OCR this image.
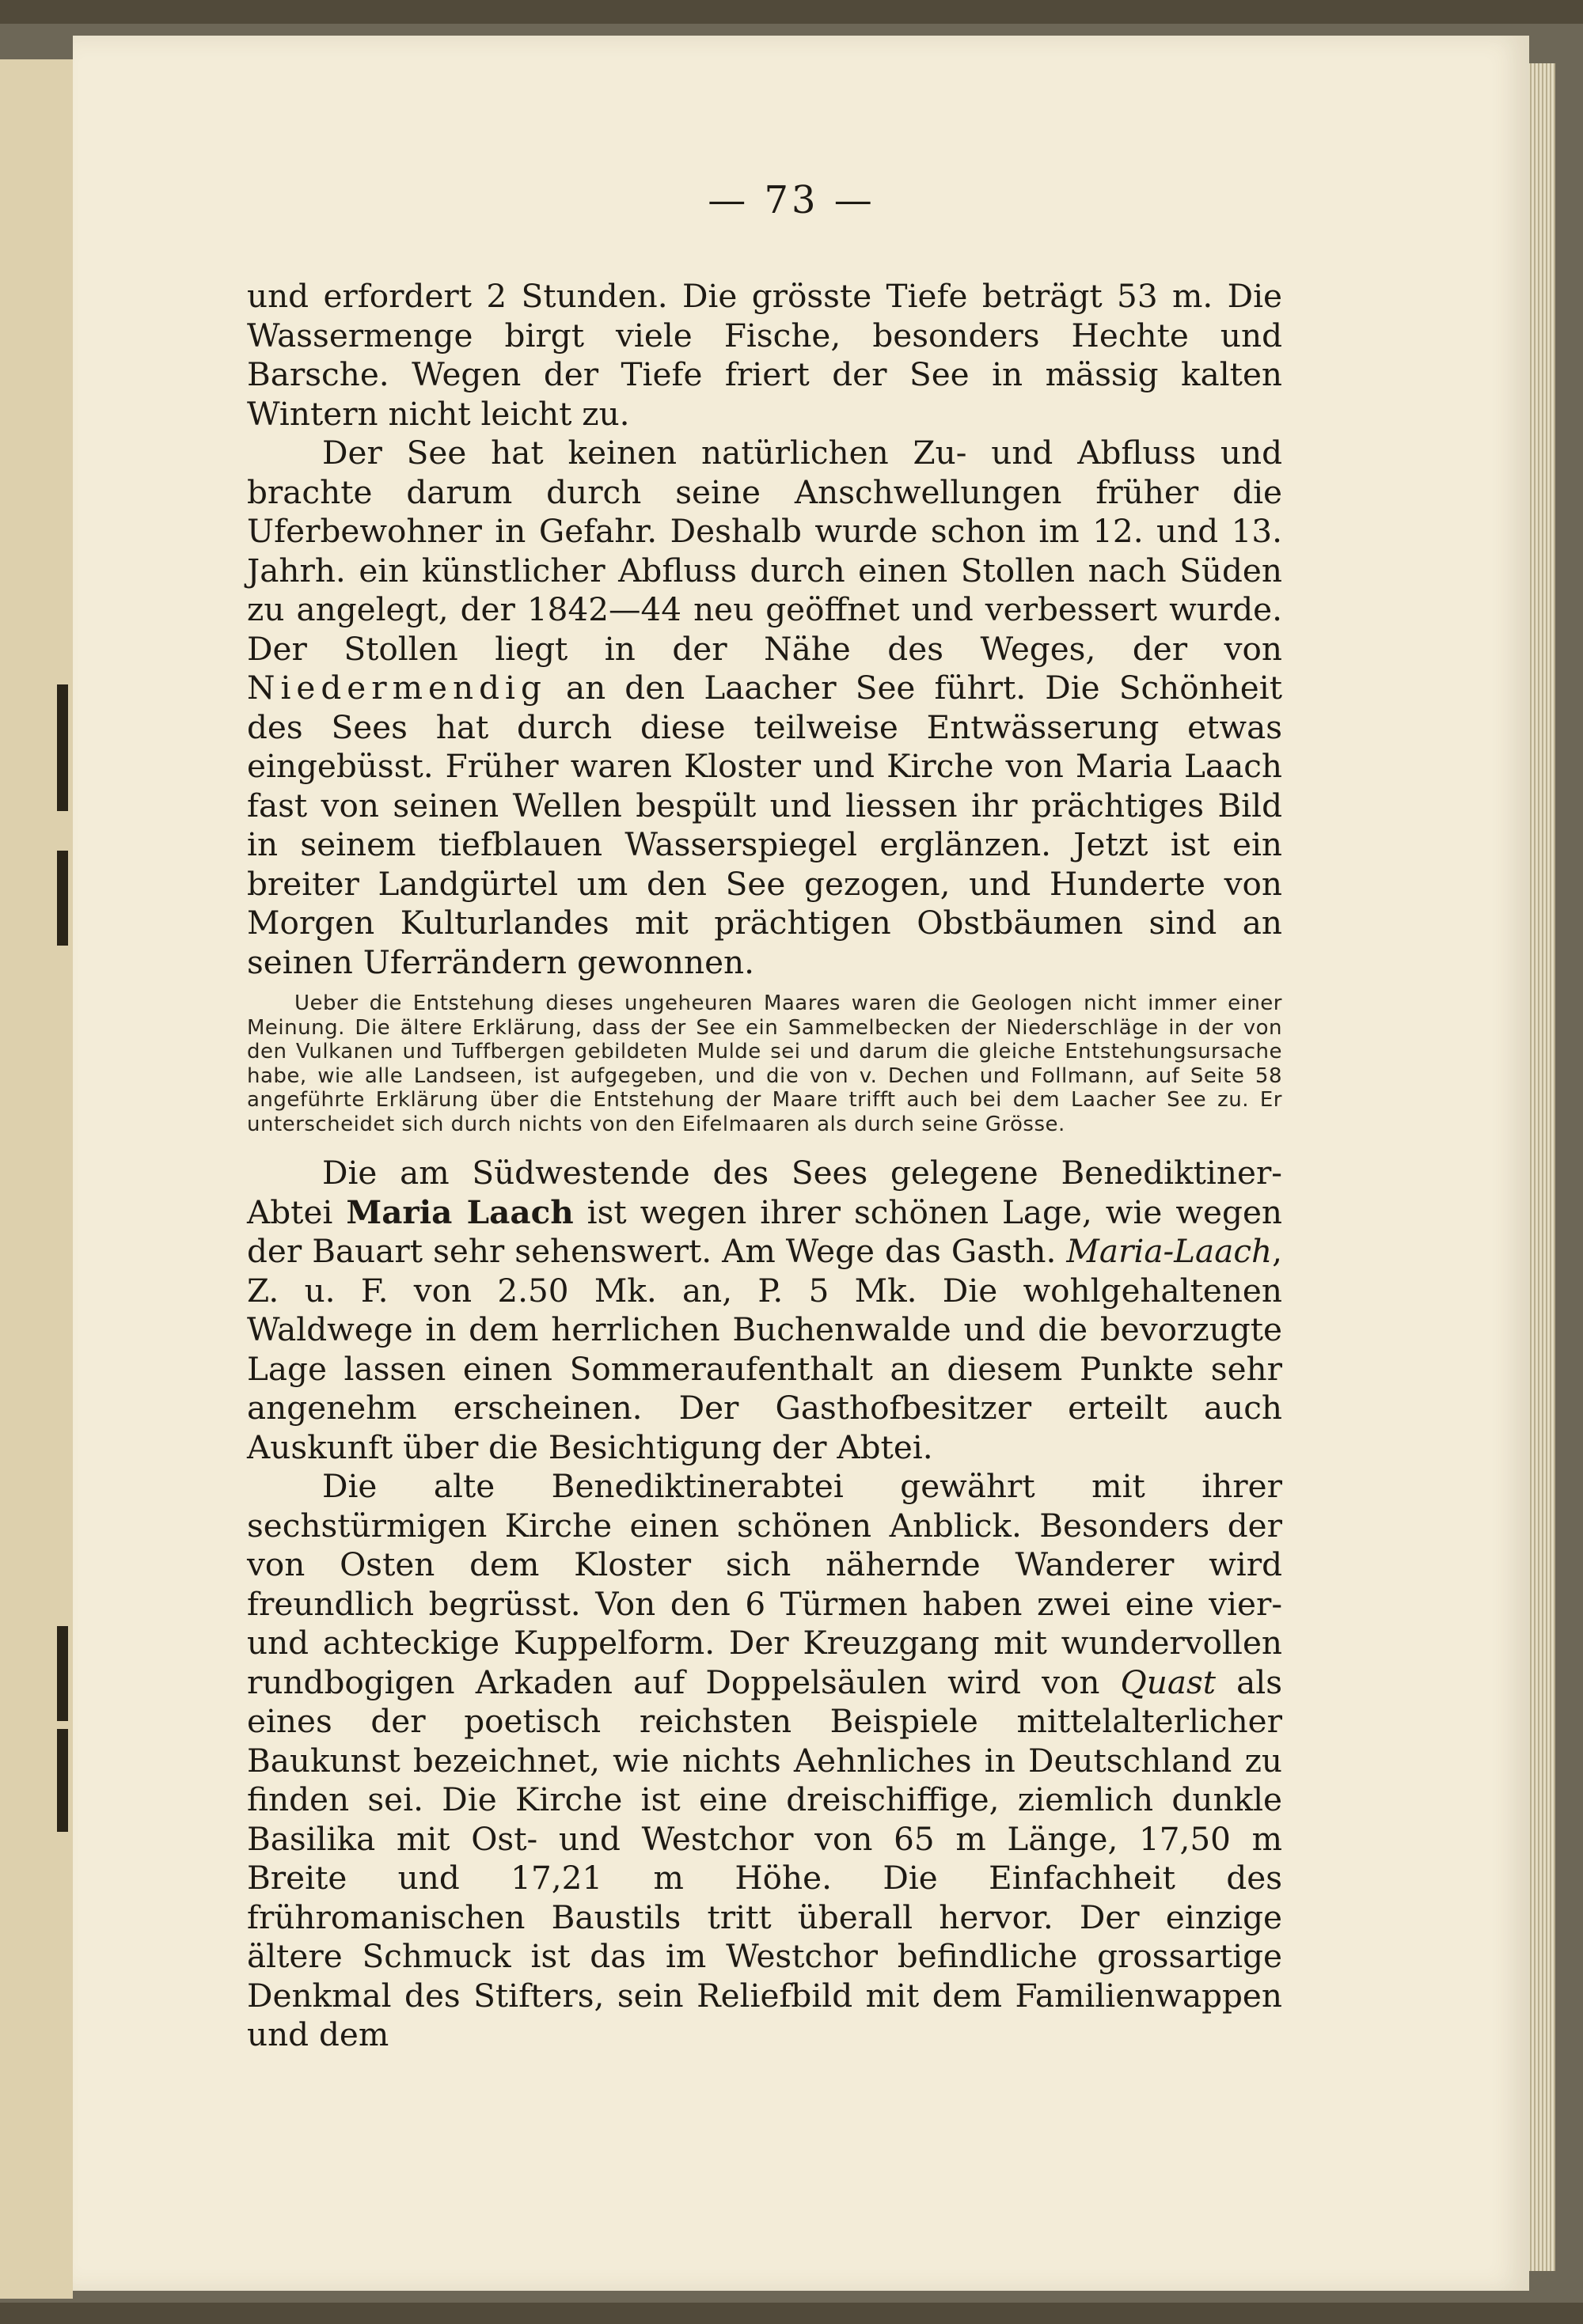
— 73 —

und erfordert 2 Stunden. Die grösste Tiefe beträgt 53 m. Die Wassermenge birgt viele Fische, besonders Hechte und Barsche. Wegen der Tiefe friert der See in mässig kalten Wintern nicht leicht zu.

Der See hat keinen natürlichen Zu- und Abfluss und brachte darum durch seine Anschwellungen früher die Uferbewohner in Gefahr. Deshalb wurde schon im 12. und 13. Jahrh. ein künstlicher Abfluss durch einen Stollen nach Süden zu angelegt, der 1842—44 neu geöffnet und verbessert wurde. Der Stollen liegt in der Nähe des Weges, der von Niedermendig an den Laacher See führt. Die Schönheit des Sees hat durch diese teilweise Entwässerung etwas eingebüsst. Früher waren Kloster und Kirche von Maria Laach fast von seinen Wellen bespült und liessen ihr prächtiges Bild in seinem tiefblauen Wasserspiegel erglänzen. Jetzt ist ein breiter Landgürtel um den See gezogen, und Hunderte von Morgen Kulturlandes mit prächtigen Obstbäumen sind an seinen Uferrändern gewonnen.

Ueber die Entstehung dieses ungeheuren Maares waren die Geologen nicht immer einer Meinung. Die ältere Erklärung, dass der See ein Sammelbecken der Niederschläge in der von den Vulkanen und Tuffbergen gebildeten Mulde sei und darum die gleiche Entstehungsursache habe, wie alle Landseen, ist aufgegeben, und die von v. Dechen und Follmann, auf Seite 58 angeführte Erklärung über die Entstehung der Maare trifft auch bei dem Laacher See zu. Er unterscheidet sich durch nichts von den Eifelmaaren als durch seine Grösse.

Die am Südwestende des Sees gelegene Benediktiner-Abtei Maria Laach ist wegen ihrer schönen Lage, wie wegen der Bauart sehr sehenswert. Am Wege das Gasth. Maria-Laach, Z. u. F. von 2.50 Mk. an, P. 5 Mk. Die wohlgehaltenen Waldwege in dem herrlichen Buchenwalde und die bevorzugte Lage lassen einen Sommeraufenthalt an diesem Punkte sehr angenehm erscheinen. Der Gasthofbesitzer erteilt auch Auskunft über die Besichtigung der Abtei.

Die alte Benediktinerabtei gewährt mit ihrer sechstürmigen Kirche einen schönen Anblick. Besonders der von Osten dem Kloster sich nähernde Wanderer wird freundlich begrüsst. Von den 6 Türmen haben zwei eine vier- und achteckige Kuppelform. Der Kreuzgang mit wundervollen rundbogigen Arkaden auf Doppelsäulen wird von Quast als eines der poetisch reichsten Beispiele mittelalterlicher Baukunst bezeichnet, wie nichts Aehnliches in Deutschland zu finden sei. Die Kirche ist eine dreischiffige, ziemlich dunkle Basilika mit Ost- und Westchor von 65 m Länge, 17,50 m Breite und 17,21 m Höhe. Die Einfachheit des frühromanischen Baustils tritt überall hervor. Der einzige ältere Schmuck ist das im Westchor befindliche grossartige Denkmal des Stifters, sein Reliefbild mit dem Familienwappen und dem
